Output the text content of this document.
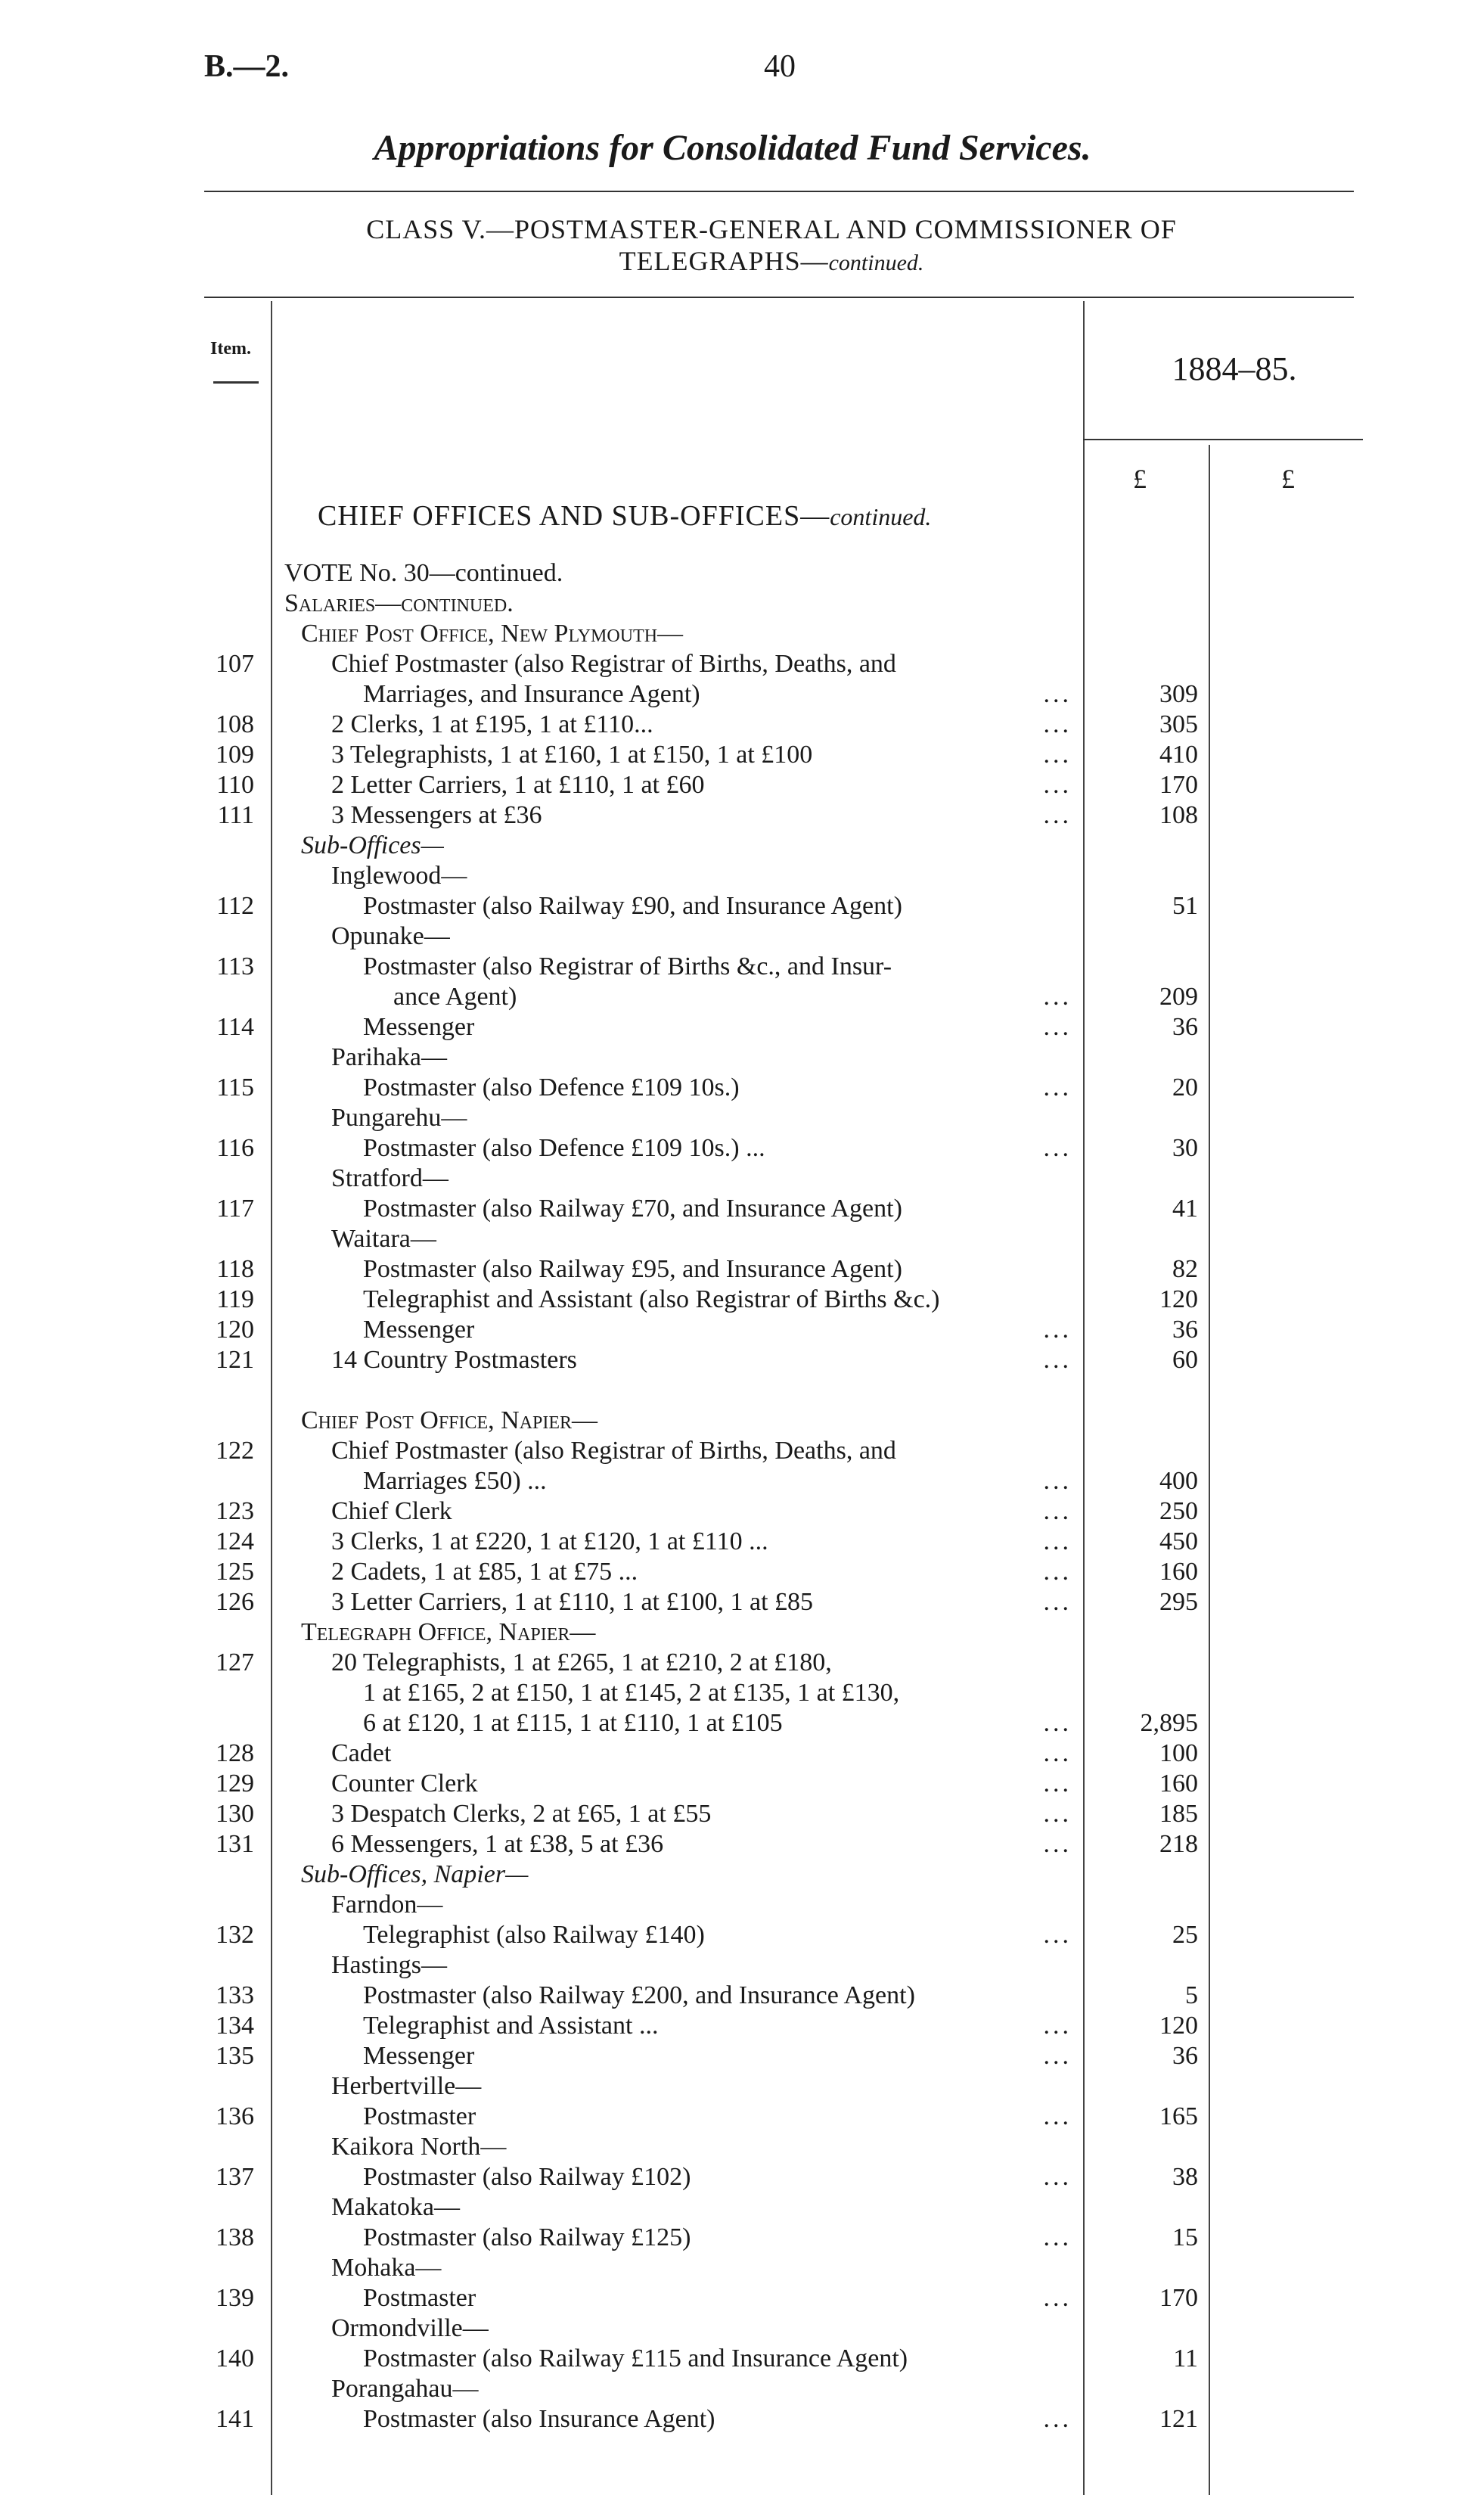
B.—2.	40
Appropriations for Consolidated Fund Services.
CLASS V.—POSTMASTER-GENERAL AND COMMISSIONER OF
TELEGRAPHS—continued.
Item.
1884–85.
£	£
CHIEF OFFICES AND SUB-OFFICES—continued.
VOTE No. 30—continued.
Salaries—continued.
Chief Post Office, New Plymouth—
107	Chief Postmaster (also Registrar of Births, Deaths, and
Marriages, and Insurance Agent)	...	309
108	2 Clerks, 1 at £195, 1 at £110...	...	305
109	3 Telegraphists, 1 at £160, 1 at £150, 1 at £100	...	410
110	2 Letter Carriers, 1 at £110, 1 at £60	...	170
111	3 Messengers at £36	...	108
Sub-Offices—
Inglewood—
112	Postmaster (also Railway £90, and Insurance Agent)	51
Opunake—
113	Postmaster (also Registrar of Births &c., and Insur-
ance Agent)	...	209
114	Messenger	...	36
Parihaka—
115	Postmaster (also Defence £109 10s.)	...	20
Pungarehu—
116	Postmaster (also Defence £109 10s.) ...	...	30
Stratford—
117	Postmaster (also Railway £70, and Insurance Agent)	41
Waitara—
118	Postmaster (also Railway £95, and Insurance Agent)	82
119	Telegraphist and Assistant (also Registrar of Births &c.)	120
120	Messenger	...	36
121	14 Country Postmasters	...	60
Chief Post Office, Napier—
122	Chief Postmaster (also Registrar of Births, Deaths, and
Marriages £50) ...	...	400
123	Chief Clerk	...	250
124	3 Clerks, 1 at £220, 1 at £120, 1 at £110 ...	...	450
125	2 Cadets, 1 at £85, 1 at £75 ...	...	160
126	3 Letter Carriers, 1 at £110, 1 at £100, 1 at £85	...	295
Telegraph Office, Napier—
127	20 Telegraphists, 1 at £265, 1 at £210, 2 at £180,
1 at £165, 2 at £150, 1 at £145, 2 at £135, 1 at £130,
6 at £120, 1 at £115, 1 at £110, 1 at £105	...	2,895
128	Cadet	...	100
129	Counter Clerk	...	160
130	3 Despatch Clerks, 2 at £65, 1 at £55	...	185
131	6 Messengers, 1 at £38, 5 at £36	...	218
Sub-Offices, Napier—
Farndon—
132	Telegraphist (also Railway £140)	...	25
Hastings—
133	Postmaster (also Railway £200, and Insurance Agent)	5
134	Telegraphist and Assistant ...	...	120
135	Messenger	...	36
Herbertville—
136	Postmaster	...	165
Kaikora North—
137	Postmaster (also Railway £102)	...	38
Makatoka—
138	Postmaster (also Railway £125)	...	15
Mohaka—
139	Postmaster	...	170
Ormondville—
140	Postmaster (also Railway £115 and Insurance Agent)	11
Porangahau—
141	Postmaster (also Insurance Agent)	...	121
